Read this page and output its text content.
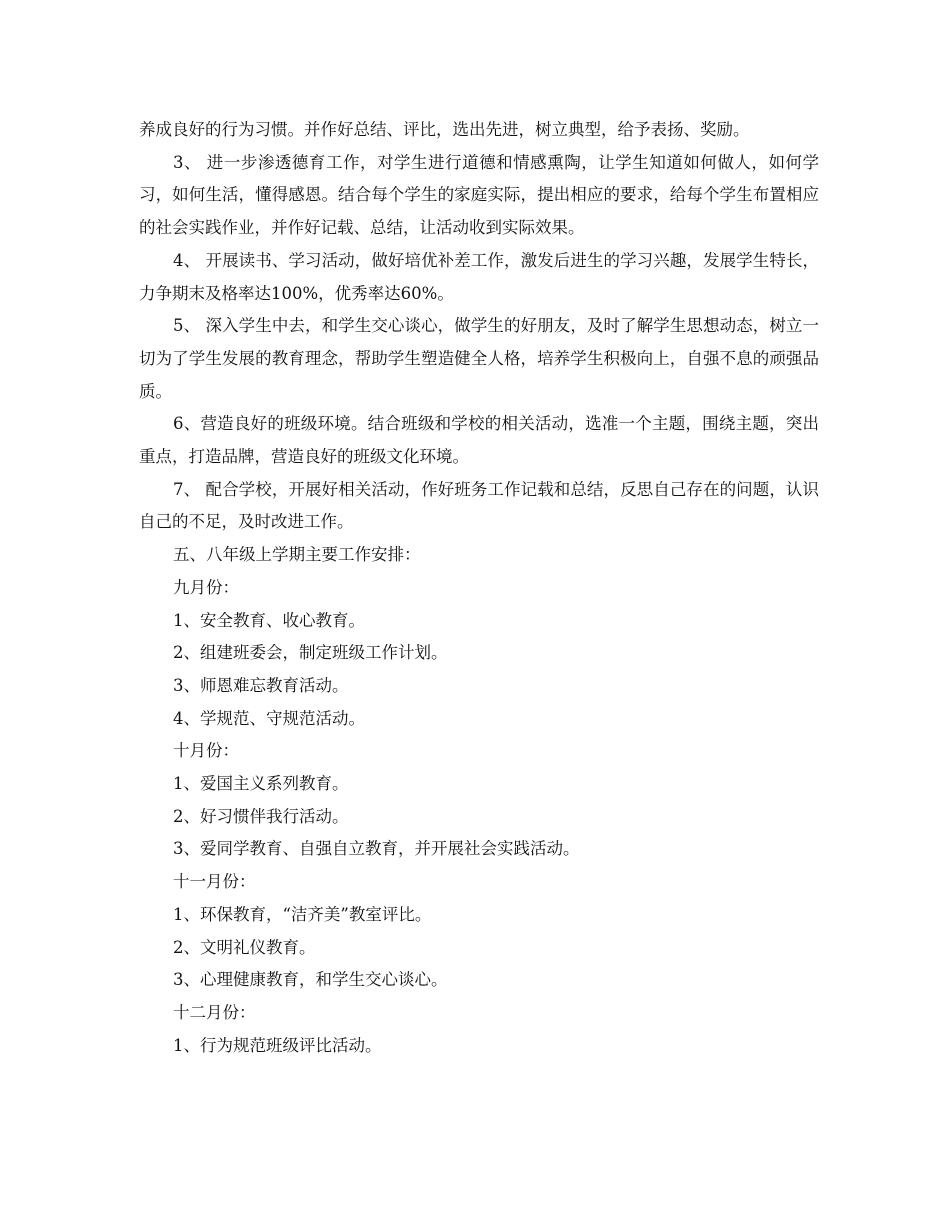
养成良好的行为习惯。并作好总结、评比，选出先进，树立典型，给予表扬、奖励。

3、 进一步渗透德育工作，对学生进行道德和情感熏陶，让学生知道如何做人，如何学习，如何生活，懂得感恩。结合每个学生的家庭实际，提出相应的要求，给每个学生布置相应的社会实践作业，并作好记载、总结，让活动收到实际效果。

4、 开展读书、学习活动，做好培优补差工作，激发后进生的学习兴趣，发展学生特长，力争期末及格率达100%，优秀率达60%。

5、 深入学生中去，和学生交心谈心，做学生的好朋友，及时了解学生思想动态，树立一切为了学生发展的教育理念，帮助学生塑造健全人格，培养学生积极向上，自强不息的顽强品质。

6、营造良好的班级环境。结合班级和学校的相关活动，选准一个主题，围绕主题，突出重点，打造品牌，营造良好的班级文化环境。

7、 配合学校，开展好相关活动，作好班务工作记载和总结，反思自己存在的问题，认识自己的不足，及时改进工作。

五、八年级上学期主要工作安排：

九月份：

1、安全教育、收心教育。

2、组建班委会，制定班级工作计划。

3、师恩难忘教育活动。

4、学规范、守规范活动。

十月份：

1、爱国主义系列教育。

2、好习惯伴我行活动。

3、爱同学教育、自强自立教育，并开展社会实践活动。

十一月份：

1、环保教育，“洁齐美”教室评比。

2、文明礼仪教育。

3、心理健康教育，和学生交心谈心。

十二月份：

1、行为规范班级评比活动。
